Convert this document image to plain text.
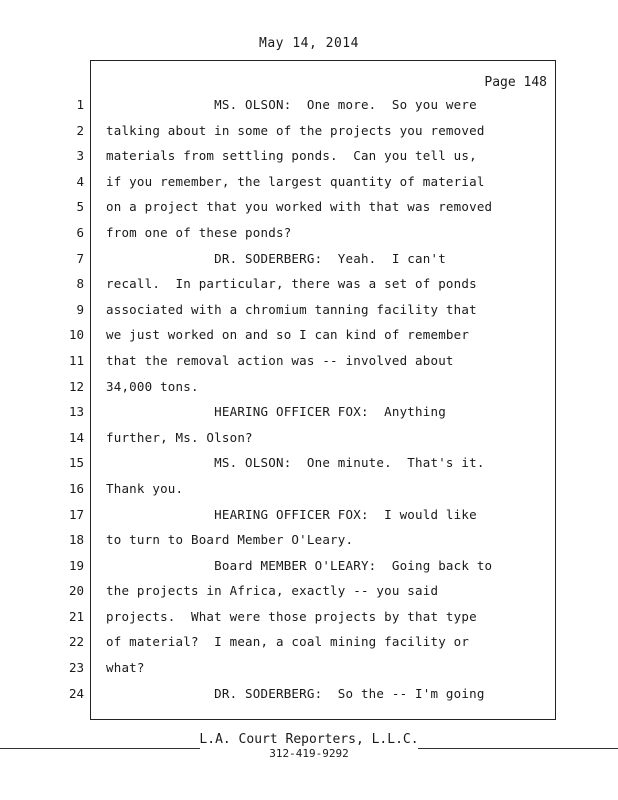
May 14, 2014
Page 148
1
2
3
4
5
6
7
8
9
10
11
12
13
14
15
16
17
18
19
20
21
22
23
24
MS. OLSON:  One more.  So you were
talking about in some of the projects you removed
materials from settling ponds.  Can you tell us,
if you remember, the largest quantity of material
on a project that you worked with that was removed
from one of these ponds?
DR. SODERBERG:  Yeah.  I can't
recall.  In particular, there was a set of ponds
associated with a chromium tanning facility that
we just worked on and so I can kind of remember
that the removal action was -- involved about
34,000 tons.
HEARING OFFICER FOX:  Anything
further, Ms. Olson?
MS. OLSON:  One minute.  That's it.
Thank you.
HEARING OFFICER FOX:  I would like
to turn to Board Member O'Leary.
Board MEMBER O'LEARY:  Going back to
the projects in Africa, exactly -- you said
projects.  What were those projects by that type
of material?  I mean, a coal mining facility or
what?
DR. SODERBERG:  So the -- I'm going
L.A. Court Reporters, L.L.C.
312-419-9292
